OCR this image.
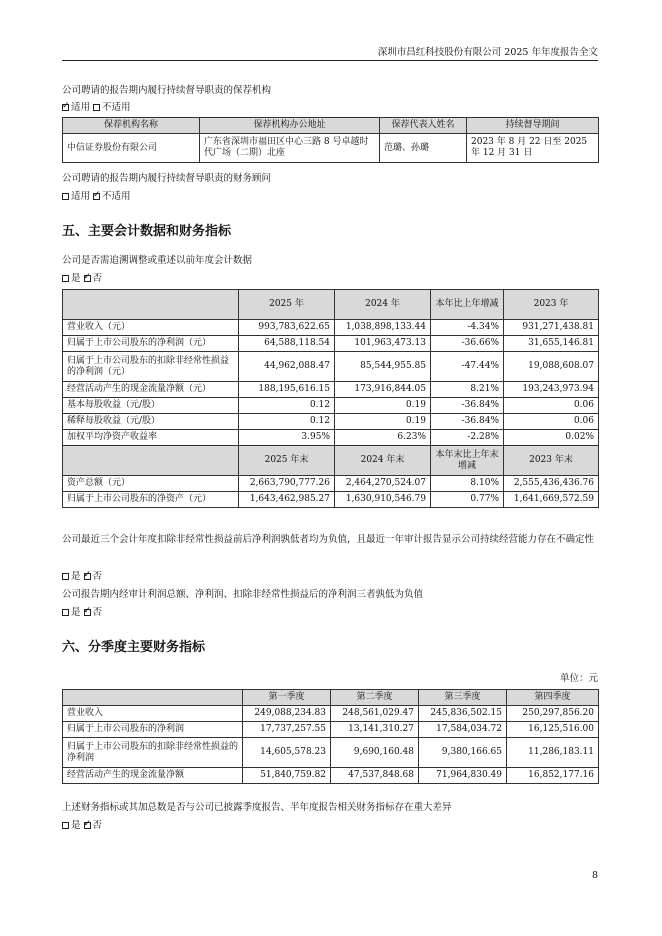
深圳市昌红科技股份有限公司 2025 年年度报告全文
公司聘请的报告期内履行持续督导职责的保荐机构
✓适用 不适用
保荐机构名称	保荐机构办公地址	保荐代表人姓名	持续督导期间
中信证券股份有限公司	广东省深圳市福田区中心三路 8 号卓越时代广场（二期）北座	范璐、孙璐	2023 年 8 月 22 日至 2025 年 12 月 31 日
公司聘请的报告期内履行持续督导职责的财务顾问
适用 ✓ 不适用
五、主要会计数据和财务指标
公司是否需追溯调整或重述以前年度会计数据
是 ✓ 否
	2025 年	2024 年	本年比上年增减	2023 年
营业收入（元）	993,783,622.65	1,038,898,133.44	-4.34%	931,271,438.81
归属于上市公司股东的净利润（元）	64,588,118.54	101,963,473.13	-36.66%	31,655,146.81
归属于上市公司股东的扣除非经常性损益的净利润（元）	44,962,088.47	85,544,955.85	-47.44%	19,088,608.07
经营活动产生的现金流量净额（元）	188,195,616.15	173,916,844.05	8.21%	193,243,973.94
基本每股收益（元/股）	0.12	0.19	-36.84%	0.06
稀释每股收益（元/股）	0.12	0.19	-36.84%	0.06
加权平均净资产收益率	3.95%	6.23%	-2.28%	0.02%
	2025 年末	2024 年末	本年末比上年末增减	2023 年末
资产总额（元）	2,663,790,777.26	2,464,270,524.07	8.10%	2,555,436,436.76
归属于上市公司股东的净资产（元）	1,643,462,985.27	1,630,910,546.79	0.77%	1,641,669,572.59
公司最近三个会计年度扣除非经常性损益前后净利润孰低者均为负值，且最近一年审计报告显示公司持续经营能力存在不确定性
是 ✓ 否
公司报告期内经审计利润总额、净利润、扣除非经常性损益后的净利润三者孰低为负值
是 ✓ 否
六、分季度主要财务指标
单位：元
	第一季度	第二季度	第三季度	第四季度
营业收入	249,088,234.83	248,561,029.47	245,836,502.15	250,297,856.20
归属于上市公司股东的净利润	17,737,257.55	13,141,310.27	17,584,034.72	16,125,516.00
归属于上市公司股东的扣除非经常性损益的净利润	14,605,578.23	9,690,160.48	9,380,166.65	11,286,183.11
经营活动产生的现金流量净额	51,840,759.82	47,537,848.68	71,964,830.49	16,852,177.16
上述财务指标或其加总数是否与公司已披露季度报告、半年度报告相关财务指标存在重大差异
是 ✓ 否
8
